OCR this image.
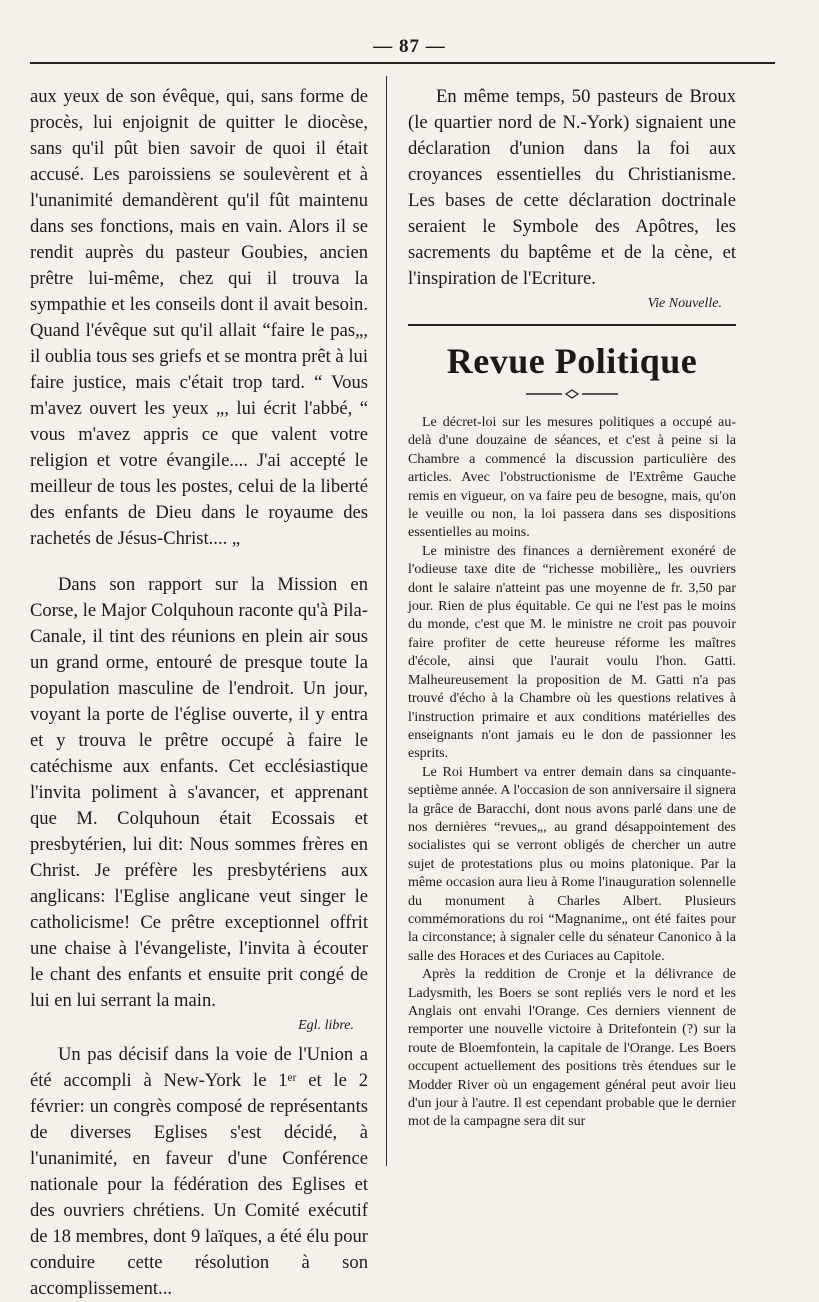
— 87 —

aux yeux de son évêque, qui, sans forme de procès, lui enjoignit de quitter le diocèse, sans qu'il pût bien savoir de quoi il était accusé. Les paroissiens se soulevèrent et à l'unanimité demandèrent qu'il fût maintenu dans ses fonctions, mais en vain. Alors il se rendit auprès du pasteur Goubies, ancien prêtre lui-même, chez qui il trouva la sympathie et les conseils dont il avait besoin. Quand l'évêque sut qu'il allait “faire le pas„, il oublia tous ses griefs et se montra prêt à lui faire justice, mais c'était trop tard. “ Vous m'avez ouvert les yeux „, lui écrit l'abbé, “ vous m'avez appris ce que valent votre religion et votre évangile.... J'ai accepté le meilleur de tous les postes, celui de la liberté des enfants de Dieu dans le royaume des rachetés de Jésus-Christ.... „

Dans son rapport sur la Mission en Corse, le Major Colquhoun raconte qu'à Pila-Canale, il tint des réunions en plein air sous un grand orme, entouré de presque toute la population masculine de l'endroit. Un jour, voyant la porte de l'église ouverte, il y entra et y trouva le prêtre occupé à faire le catéchisme aux enfants. Cet ecclésiastique l'invita poliment à s'avancer, et apprenant que M. Colquhoun était Ecossais et presbytérien, lui dit: Nous sommes frères en Christ. Je préfère les presbytériens aux anglicans: l'Eglise anglicane veut singer le catholicisme! Ce prêtre exceptionnel offrit une chaise à l'évangeliste, l'invita à écouter le chant des enfants et ensuite prit congé de lui en lui serrant la main.

Egl. libre.

Un pas décisif dans la voie de l'Union a été accompli à New-York le 1ᵉʳ et le 2 février: un congrès composé de représentants de diverses Eglises s'est décidé, à l'unanimité, en faveur d'une Conférence nationale pour la fédération des Eglises et des ouvriers chrétiens. Un Comité exécutif de 18 membres, dont 9 laïques, a été élu pour conduire cette résolution à son accomplissement...

En même temps, 50 pasteurs de Broux (le quartier nord de N.-York) signaient une déclaration d'union dans la foi aux croyances essentielles du Christianisme. Les bases de cette déclaration doctrinale seraient le Symbole des Apôtres, les sacrements du baptême et de la cène, et l'inspiration de l'Ecriture.

Vie Nouvelle.

Revue Politique

Le décret-loi sur les mesures politiques a occupé au-delà d'une douzaine de séances, et c'est à peine si la Chambre a commencé la discussion particulière des articles. Avec l'obstructionisme de l'Extrême Gauche remis en vigueur, on va faire peu de besogne, mais, qu'on le veuille ou non, la loi passera dans ses dispositions essentielles au moins.

Le ministre des finances a dernièrement exonéré de l'odieuse taxe dite de “richesse mobilière„ les ouvriers dont le salaire n'atteint pas une moyenne de fr. 3,50 par jour. Rien de plus équitable. Ce qui ne l'est pas le moins du monde, c'est que M. le ministre ne croit pas pouvoir faire profiter de cette heureuse réforme les maîtres d'école, ainsi que l'aurait voulu l'hon. Gatti. Malheureusement la proposition de M. Gatti n'a pas trouvé d'écho à la Chambre où les questions relatives à l'instruction primaire et aux conditions matérielles des enseignants n'ont jamais eu le don de passionner les esprits.

Le Roi Humbert va entrer demain dans sa cinquante-septième année. A l'occasion de son anniversaire il signera la grâce de Baracchi, dont nous avons parlé dans une de nos dernières “revues„, au grand désappointement des socialistes qui se verront obligés de chercher un autre sujet de protestations plus ou moins platonique. Par la même occasion aura lieu à Rome l'inauguration solennelle du monument à Charles Albert. Plusieurs commémorations du roi “Magnanime„ ont été faites pour la circonstance; à signaler celle du sénateur Canonico à la salle des Horaces et des Curiaces au Capitole.

Après la reddition de Cronje et la délivrance de Ladysmith, les Boers se sont repliés vers le nord et les Anglais ont envahi l'Orange. Ces derniers viennent de remporter une nouvelle victoire à Dritefontein (?) sur la route de Bloemfontein, la capitale de l'Orange. Les Boers occupent actuellement des positions très étendues sur le Modder River où un engagement général peut avoir lieu d'un jour à l'autre. Il est cependant probable que le dernier mot de la campagne sera dit sur
